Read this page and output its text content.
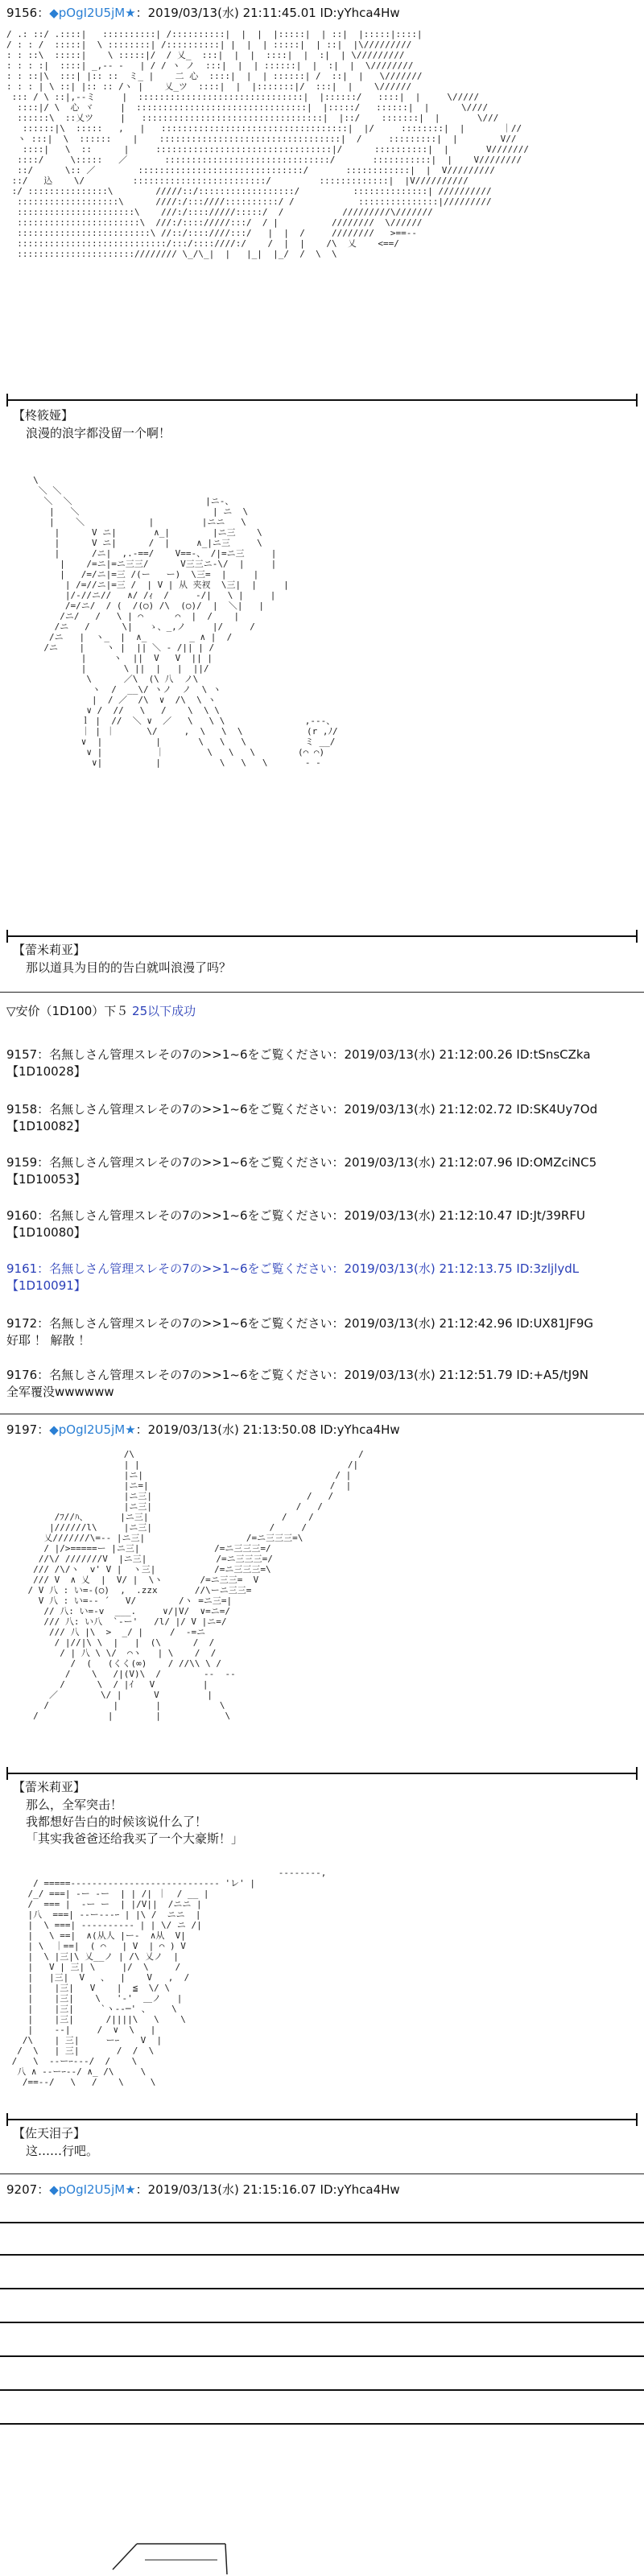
9156：◆pOgI2U5jM★：2019/03/13(水) 21:11:45.01 ID:yYhca4Hw
/ .: ::/ .::::|   ::::::::::| /::::::::::|  |  |  |:::::|  | ::|  |:::::|::::|
/ : : /  :::::|  \ ::::::::| /::::::::::| |  |  | :::::|  | ::|  |\/////////
: : ::\  :::::|    \ :::::|/  / 乂_  :::|  |  |  ::::|  |  :|  | \/////////
: : : :|  ::::| _,-‐ ‐   | / / ヽ ノ  :::|  |  | ::::::|  |  :|  |  \////////
: : ::|\  :::| |:: ::  ミ_ |    二 心  ::::|  |  | ::::::| /  ::|  |   \///////
: : : | \ ::| |:: :: /ヽ |    乂_ツ  ::::|  |  |:::::::|/  :::|  |    \//////
::: / \ ::|,-‐ミ     |  :::::::::::::::::::::::::::::::|  |::::::/   ::::|  |     \/////
::::|/ \  心 ヾ     |  ::::::::::::::::::::::::::::::::|  |:::::/   ::::::|  |      \////
::::::\  ::乂ツ     |   ::::::::::::::::::::::::::::::::::|  |::/    :::::::|  |       \///
::::::|\  :::::   ,   |   :::::::::::::::::::::::::::::::::::|  |/     ::::::::|  |       ｜//
ヽ :::|  \  ::::::    |    ::::::::::::::::::::::::::::::::::|  /     :::::::::|  |        V//
::::|   \  ::      |     :::::::::::::::::::::::::::::::::|/      ::::::::::|  |       V///////
::::/     \:::::   ／       :::::::::::::::::::::::::::::::/       :::::::::::|  |    V////////
::/      \:: ／        :::::::::::::::::::::::::::::::/       ::::::::::::|  |  V/////////
::/   込    \/         :::::::::::::::::::::::::/         :::::::::::::|  |V//////////
:/ :::::::::::::::\        /////::/::::::::::::::::::/          ::::::::::::::| //////////
:::::::::::::::::::\      ////:/:::////::::::::::/ /            :::::::::::::::|/////////
::::::::::::::::::::::\    ///:/:::://///:::::/  /           /////////\///////
:::::::::::::::::::::::\  ///:/:::://///:::/  / |          ////////  \//////
:::::::::::::::::::::::::\ //::/::::////:::/   |  |  /     ////////   >==-‐
::::::::::::::::::::::::::::/:::/::::////:/    /  |  |    /\  乂    <==/
:::::::::::::::::::::://////// \_/\_|  |   |_|  |_/  /  \  \
【柊筱娅】
浪漫的浪字都没留一个啊！
\
＼ ＼
＼  ＼                         |ニ-、
|   ＼                         | ニ  \
|    ＼            |         |ニニ   \
|      V ニ|       ∧_|        |ニ三    \
|      V ニ|      /  |     ∧_|ニ三     \
|      /ニ|  ,.-==/    V==-、 /|=ニ三     |
|    /=ニ|=ニ三三/      V三三ニ-\/  |     |
|   /=/ニ|=三 /(ー   ー)  \三=  |     |
| /=//ニ|=三 /  | V | 从 夹衩  \三|  |     |
|/-//ニ//   ∧/ /ｨ  /     -/|   \ |     |
/=/ニ/  / (  /(○) /\  (○)/  |  ＼|   |
/ニ/   /   \ | ⌒      ⌒  |  /    |
/ニ   /      \|   ゝ、_,ノ     |/     /
/ニ   |  ヽ_  |  ∧_        _ ∧ |  /
/ニ    |    ヽ |  || ＼ ‐ /|| | /
|     ヽ  ||  V   V  || |
|       \ ||  |   |  ||/
\      ／\  (\ 八  ノ\
ヽ  /  __\/ ヽノ  ノ  \ ヽ
|  / ／  /\  ∨  /\  \ ヽ
∨ /  //   \   /    \  \ \
ｌ |  //  ＼ ∨  ／   \   \ \               ,-‐-、
｜ | ｜      \/     ,  \   \  \            (r ,ﾉ/
∨  |          |       \   \   \           ミ __/
∨ |          ｜        \   \   \        (⌒ ⌒)
∨|          |           \   \   \       ‐ ‐
【蕾米莉亚】
那以道具为目的的告白就叫浪漫了吗？
▽安价（1D100）下５ 25以下成功
9157：名無しさん管理スレその7の>>1~6をご覧ください：2019/03/13(水) 21:12:00.26 ID:tSnsCZka
【1D10028】
9158：名無しさん管理スレその7の>>1~6をご覧ください：2019/03/13(水) 21:12:02.72 ID:SK4Uy7Od
【1D10082】
9159：名無しさん管理スレその7の>>1~6をご覧ください：2019/03/13(水) 21:12:07.96 ID:OMZciNC5
【1D10053】
9160：名無しさん管理スレその7の>>1~6をご覧ください：2019/03/13(水) 21:12:10.47 ID:Jt/39RFU
【1D10080】
9161：名無しさん管理スレその7の>>1~6をご覧ください：2019/03/13(水) 21:12:13.75 ID:3zljlydL
【1D10091】
9172：名無しさん管理スレその7の>>1~6をご覧ください：2019/03/13(水) 21:12:42.96 ID:UX81JF9G
好耶 ！ 解散 ！
9176：名無しさん管理スレその7の>>1~6をご覧ください：2019/03/13(水) 21:12:51.79 ID:+A5/tJ9N
全军覆没wwwwww
9197：◆pOgI2U5jM★：2019/03/13(水) 21:13:50.08 ID:yYhca4Hw
/\                                          /
| |                                       /|
|ニ|                                    / |
|ニ=|                                  /  |
|ニ三|                             /   /
|ニ三|                           /   /
/ﾌ//ﾊ、      |ニ三|                         /    /
|//////l\     |ニ三|                      /     /
乂///////\=-- |ニ三|                   /=ニ三三三=\
/ |/>=====ー |ニ三|              /=ニ三三三=/
//\/ ///////V  |ニ三|             /=ニ三三三=/
/// /\/ヽ  v' V |  ヽ三|           /=ニ三三三=\
/// V  ∧ 乂  |  V/ |  \ヽ       /=ニ三三=  V
/ V 八 : い=-(○)  ,  .zzx       //\ーニ三三=
V 八 : い=-‐ ´   V/        /ヽ =ニ三=|
// 八: い=-v  ___.     ∨/|V/  ∨=ニ=/
/// 八: い八  `‐ー'   /l/ |/ V |ニ=/
/// 八 |\  >  _/ |     /  ‐=ニ
/ |//|\ \  |   |  (\      /  /
/ | 八 \ \/  ⌒ヽ   | \    /  /
/  (   (くく(∞)    / //\\ \ /
/    \   /|(V)\  /        ‐-  ‐-
/      \  / |ｲ   V         |
／        \/ |      V         |
/            |       |           \
/             |        |            \
【蕾米莉亚】
那么，全军突击！
我都想好告白的时候该说什么了！
「其实我爸爸还给我买了一个大豪斯！」
--------,
/ =====---------------------------- 'レ' |
/_/ ===| -ー -ー  | | /| ｜  / __ |
/  === |  -ー ー  | |/V||  /ニニ |
|八  ===| --ー---ｰ | |\ /  ニニ  |
|  \ ===| ‐‐‐‐‐‐‐‐‐‐ | | \/ ニ /|
|   \ ==|  ∧(从人 |ー‐  ∧从  V|
| \  ｜==|  ( ⌒   | V  | ⌒ ) V
|  \ |三|\ 乂__ノ | /\ 乂ノ  |
|   V | 三| \     |/  \     /
|   |三|  V   、  |    V   ,  /
|    |三|   V    |  ≦  \/ \
|    |三|    \   '-'  ＿ノ   |
|    |三|     `ヽ--─' 、    \
|    |三|      /||||\   \    \
|    ‐-|     /  ∨  \   |
/\    | 三|     ーｰ    V  |
/  \   | 三|       /  /  \
/   \  ‐-ーｰ---/  /    \
八 ∧ ‐-ーｰ‐‐/ ∧_ /\     \
/==--/   \   /    \     \
【佐天泪子】
这……行吧。
9207：◆pOgI2U5jM★：2019/03/13(水) 21:15:16.07 ID:yYhca4Hw
